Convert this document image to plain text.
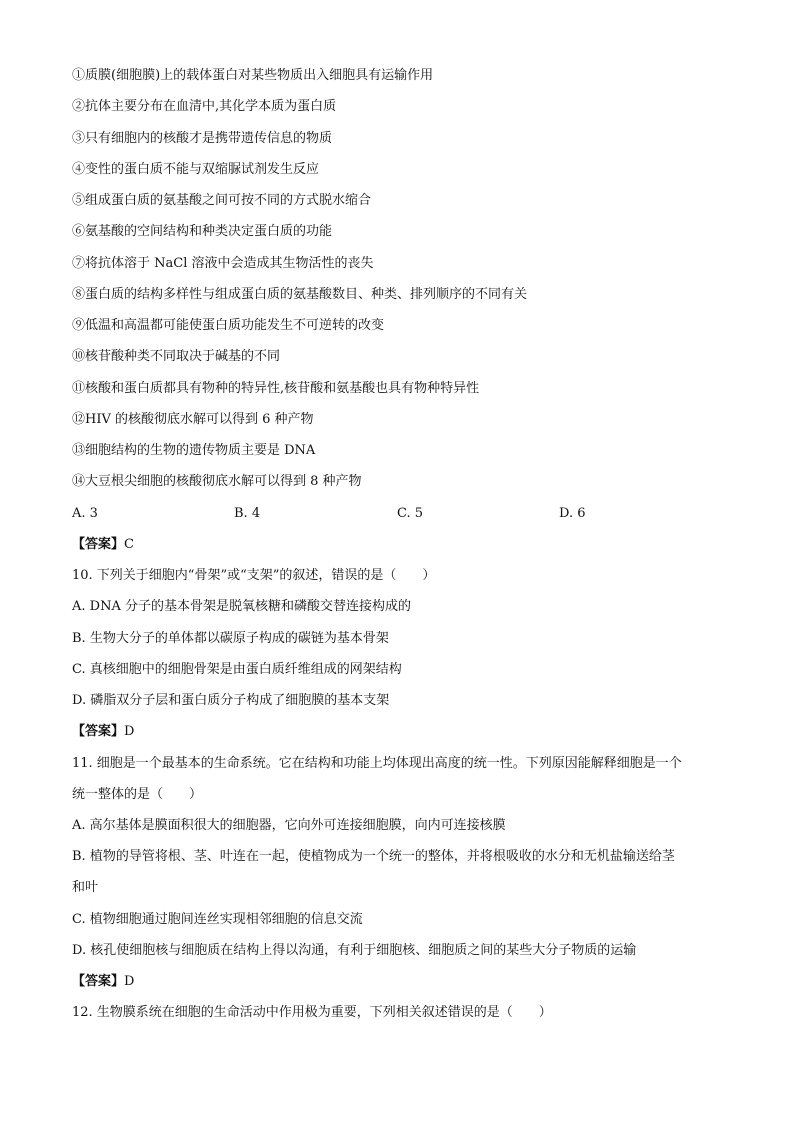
①质膜(细胞膜)上的载体蛋白对某些物质出入细胞具有运输作用
②抗体主要分布在血清中,其化学本质为蛋白质
③只有细胞内的核酸才是携带遗传信息的物质
④变性的蛋白质不能与双缩脲试剂发生反应
⑤组成蛋白质的氨基酸之间可按不同的方式脱水缩合
⑥氨基酸的空间结构和种类决定蛋白质的功能
⑦将抗体溶于 NaCl 溶液中会造成其生物活性的丧失
⑧蛋白质的结构多样性与组成蛋白质的氨基酸数目、种类、排列顺序的不同有关
⑨低温和高温都可能使蛋白质功能发生不可逆转的改变
⑩核苷酸种类不同取决于碱基的不同
⑪核酸和蛋白质都具有物种的特异性,核苷酸和氨基酸也具有物种特异性
⑫HIV 的核酸彻底水解可以得到 6 种产物
⑬细胞结构的生物的遗传物质主要是 DNA
⑭大豆根尖细胞的核酸彻底水解可以得到 8 种产物
A. 3	B. 4	C. 5	D. 6
【答案】C
10. 下列关于细胞内“骨架”或“支架”的叙述，错误的是（　　）
A. DNA 分子的基本骨架是脱氧核糖和磷酸交替连接构成的
B. 生物大分子的单体都以碳原子构成的碳链为基本骨架
C. 真核细胞中的细胞骨架是由蛋白质纤维组成的网架结构
D. 磷脂双分子层和蛋白质分子构成了细胞膜的基本支架
【答案】D
11. 细胞是一个最基本的生命系统。它在结构和功能上均体现出高度的统一性。下列原因能解释细胞是一个
统一整体的是（　　）
A. 高尔基体是膜面积很大的细胞器，它向外可连接细胞膜，向内可连接核膜
B. 植物的导管将根、茎、叶连在一起，使植物成为一个统一的整体，并将根吸收的水分和无机盐输送给茎
和叶
C. 植物细胞通过胞间连丝实现相邻细胞的信息交流
D. 核孔使细胞核与细胞质在结构上得以沟通，有利于细胞核、细胞质之间的某些大分子物质的运输
【答案】D
12. 生物膜系统在细胞的生命活动中作用极为重要，下列相关叙述错误的是（　　）
